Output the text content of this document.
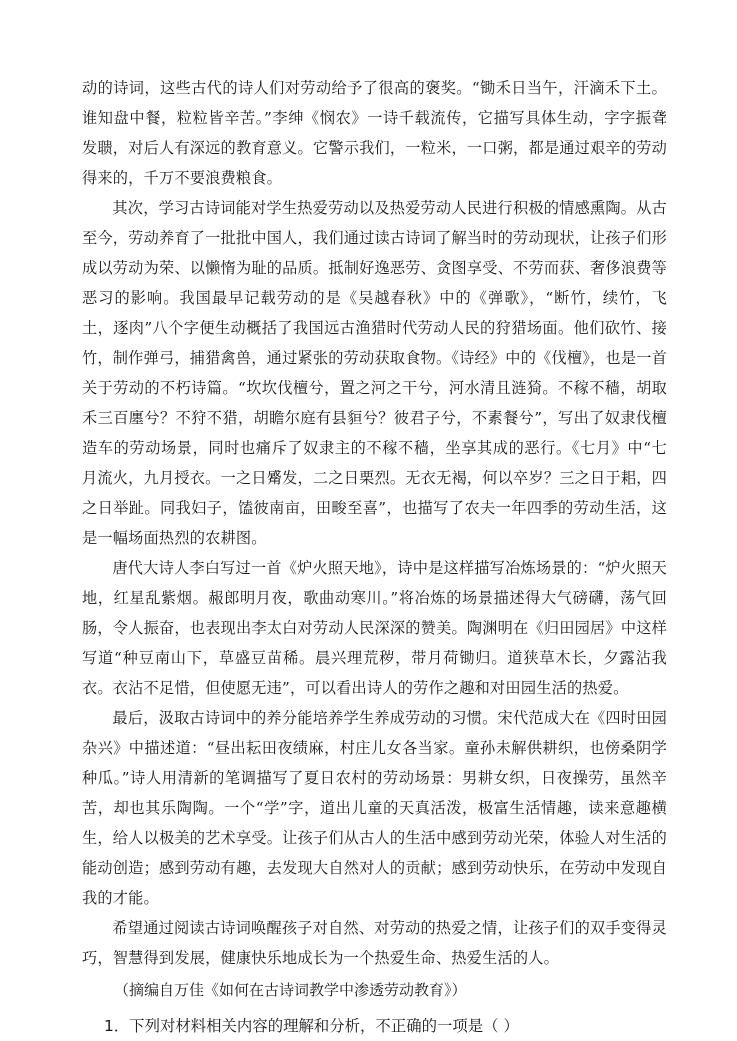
动的诗词，这些古代的诗人们对劳动给予了很高的褒奖。“锄禾日当午，汗滴禾下土。谁知盘中餐，粒粒皆辛苦。”李绅《悯农》一诗千载流传，它描写具体生动，字字振聋发聩，对后人有深远的教育意义。它警示我们，一粒米，一口粥，都是通过艰辛的劳动得来的，千万不要浪费粮食。

其次，学习古诗词能对学生热爱劳动以及热爱劳动人民进行积极的情感熏陶。从古至今，劳动养育了一批批中国人，我们通过读古诗词了解当时的劳动现状，让孩子们形成以劳动为荣、以懒惰为耻的品质。抵制好逸恶劳、贪图享受、不劳而获、奢侈浪费等恶习的影响。我国最早记载劳动的是《吴越春秋》中的《弹歌》，“断竹，续竹，飞土，逐肉”八个字便生动概括了我国远古渔猎时代劳动人民的狩猎场面。他们砍竹、接竹，制作弹弓，捕猎禽兽，通过紧张的劳动获取食物。《诗经》中的《伐檀》，也是一首关于劳动的不朽诗篇。“坎坎伐檀兮，置之河之干兮，河水清且涟猗。不稼不穑，胡取禾三百廛兮？不狩不猎，胡瞻尔庭有县貆兮？彼君子兮，不素餐兮”，写出了奴隶伐檀造车的劳动场景，同时也痛斥了奴隶主的不稼不穑，坐享其成的恶行。《七月》中“七月流火，九月授衣。一之日觱发，二之日栗烈。无衣无褐，何以卒岁？三之日于耜，四之日举趾。同我妇子，馌彼南亩，田畯至喜”，也描写了农夫一年四季的劳动生活，这是一幅场面热烈的农耕图。

唐代大诗人李白写过一首《炉火照天地》，诗中是这样描写冶炼场景的：“炉火照天地，红星乱紫烟。赧郎明月夜，歌曲动寒川。”将冶炼的场景描述得大气磅礴，荡气回肠，令人振奋，也表现出李太白对劳动人民深深的赞美。陶渊明在《归田园居》中这样写道“种豆南山下，草盛豆苗稀。晨兴理荒秽，带月荷锄归。道狭草木长，夕露沾我衣。衣沾不足惜，但使愿无违”，可以看出诗人的劳作之趣和对田园生活的热爱。

最后，汲取古诗词中的养分能培养学生养成劳动的习惯。宋代范成大在《四时田园杂兴》中描述道：“昼出耘田夜绩麻，村庄儿女各当家。童孙未解供耕织，也傍桑阴学种瓜。”诗人用清新的笔调描写了夏日农村的劳动场景：男耕女织，日夜操劳，虽然辛苦，却也其乐陶陶。一个“学”字，道出儿童的天真活泼，极富生活情趣，读来意趣横生，给人以极美的艺术享受。让孩子们从古人的生活中感到劳动光荣，体验人对生活的能动创造；感到劳动有趣，去发现大自然对人的贡献；感到劳动快乐，在劳动中发现自我的才能。

希望通过阅读古诗词唤醒孩子对自然、对劳动的热爱之情，让孩子们的双手变得灵巧，智慧得到发展，健康快乐地成长为一个热爱生命、热爱生活的人。

（摘编自万佳《如何在古诗词教学中渗透劳动教育》）

1．下列对材料相关内容的理解和分析，不正确的一项是（ ）
